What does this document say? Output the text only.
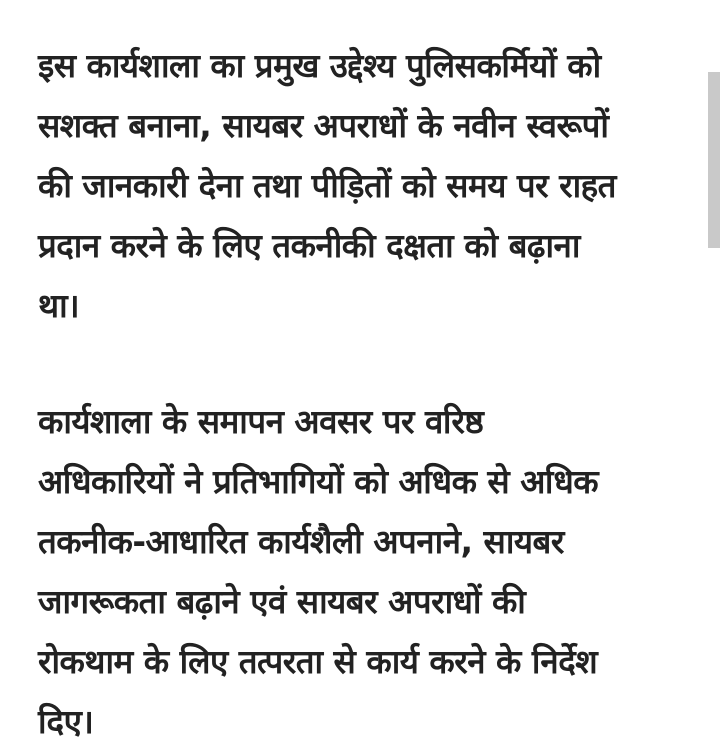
इस कार्यशाला का प्रमुख उद्देश्य पुलिसकर्मियों को
सशक्त बनाना, सायबर अपराधों के नवीन स्वरूपों
की जानकारी देना तथा पीड़ितों को समय पर राहत
प्रदान करने के लिए तकनीकी दक्षता को बढ़ाना
था।

कार्यशाला के समापन अवसर पर वरिष्ठ
अधिकारियों ने प्रतिभागियों को अधिक से अधिक
तकनीक-आधारित कार्यशैली अपनाने, सायबर
जागरूकता बढ़ाने एवं सायबर अपराधों की
रोकथाम के लिए तत्परता से कार्य करने के निर्देश
दिए।
